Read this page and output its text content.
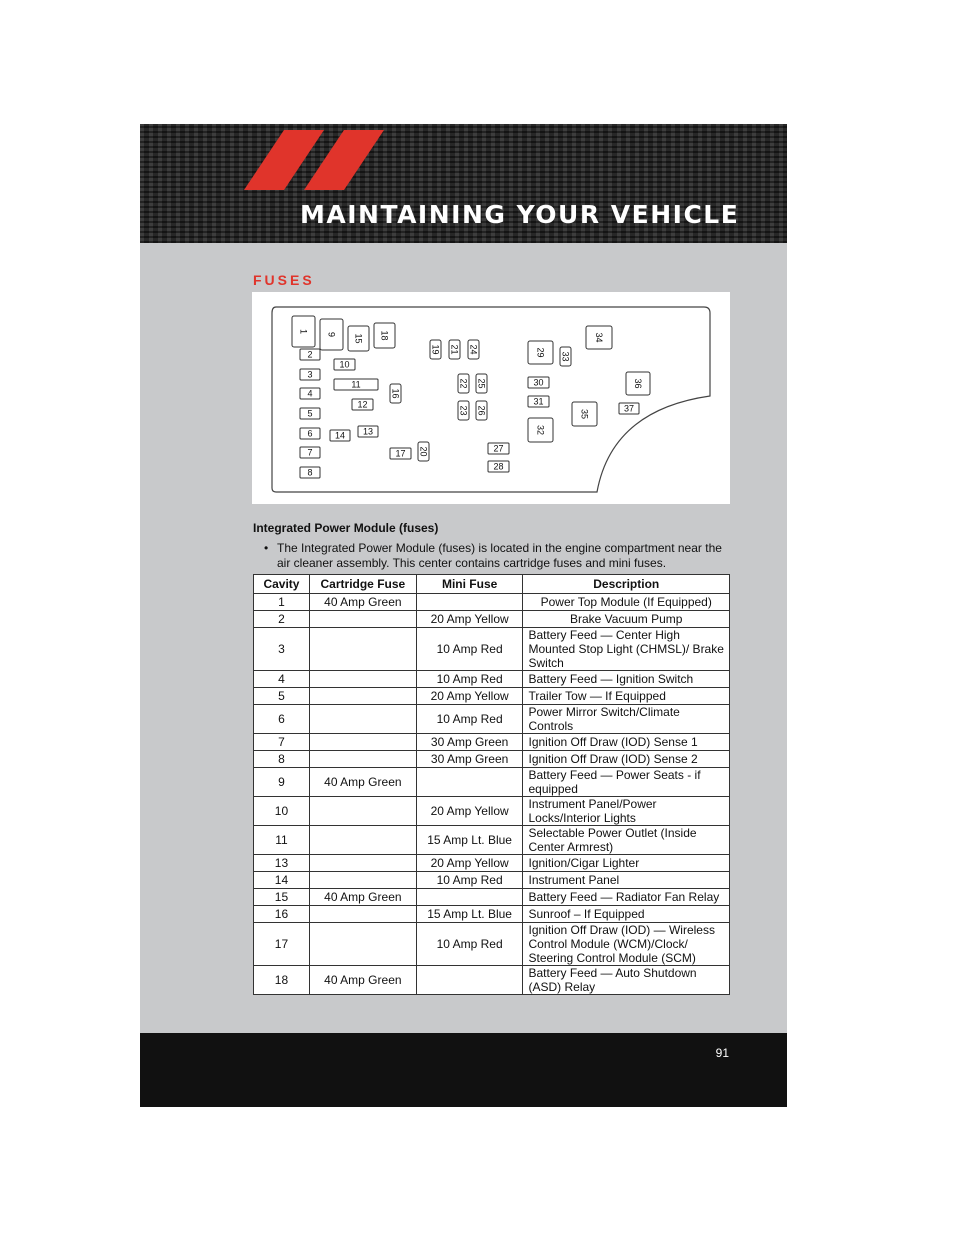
MAINTAINING YOUR VEHICLE
FUSES
1
9 15 18
2
3
4
5
6
7
8
10
11
12
13
14
16
17 20
19 21 24
22 25
23 26
27
28
29 33
30
31
32
34
35
36
37
Integrated Power Module (fuses)
• The Integrated Power Module (fuses) is located in the engine compartment near the air cleaner assembly. This center contains cartridge fuses and mini fuses.
Cavity	Cartridge Fuse	Mini Fuse	Description
1	40 Amp Green		Power Top Module (If Equipped)
2		20 Amp Yellow	Brake Vacuum Pump
3		10 Amp Red	Battery Feed — Center High Mounted Stop Light (CHMSL)/ Brake Switch
4		10 Amp Red	Battery Feed — Ignition Switch
5		20 Amp Yellow	Trailer Tow — If Equipped
6		10 Amp Red	Power Mirror Switch/Climate Controls
7		30 Amp Green	Ignition Off Draw (IOD) Sense 1
8		30 Amp Green	Ignition Off Draw (IOD) Sense 2
9	40 Amp Green		Battery Feed — Power Seats - if equipped
10		20 Amp Yellow	Instrument Panel/Power Locks/Interior Lights
11		15 Amp Lt. Blue	Selectable Power Outlet (Inside Center Armrest)
13		20 Amp Yellow	Ignition/Cigar Lighter
14		10 Amp Red	Instrument Panel
15	40 Amp Green		Battery Feed — Radiator Fan Relay
16		15 Amp Lt. Blue	Sunroof – If Equipped
17		10 Amp Red	Ignition Off Draw (IOD) — Wireless Control Module (WCM)/Clock/ Steering Control Module (SCM)
18	40 Amp Green		Battery Feed — Auto Shutdown (ASD) Relay
91
